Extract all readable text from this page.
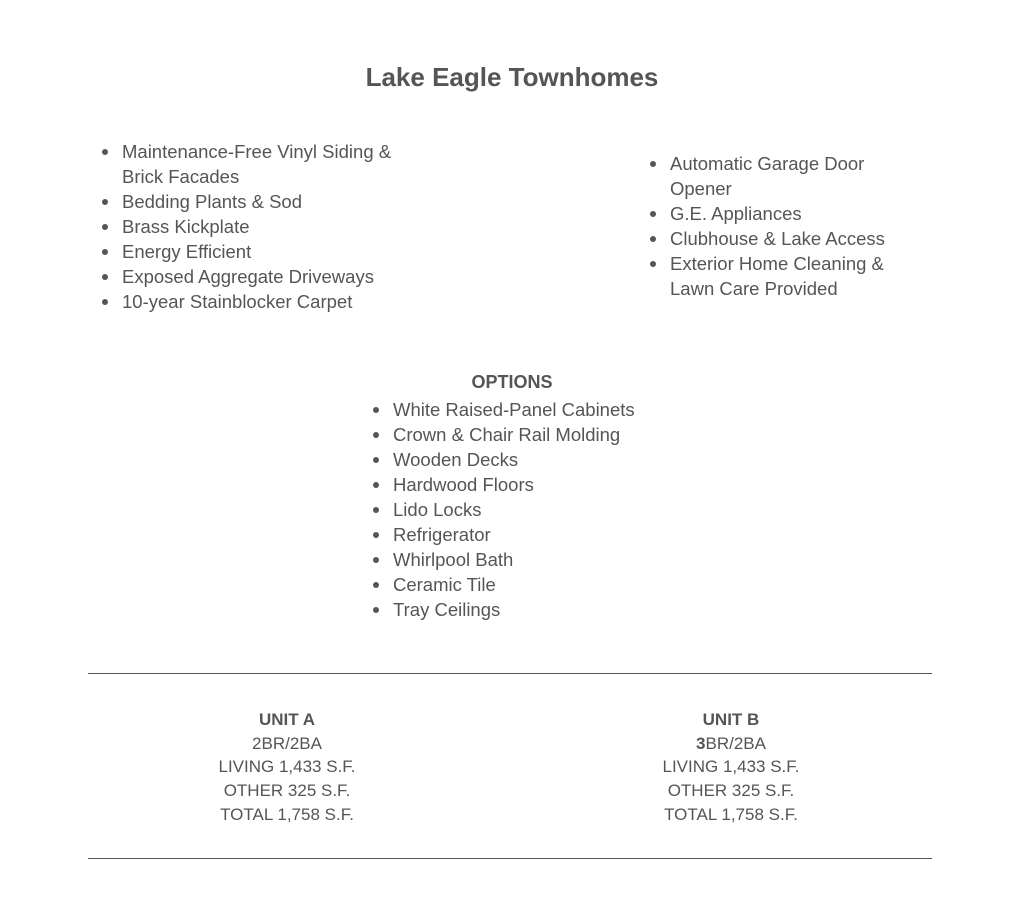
Lake Eagle Townhomes
Maintenance-Free Vinyl Siding & Brick Facades
Bedding Plants & Sod
Brass Kickplate
Energy Efficient
Exposed Aggregate Driveways
10-year Stainblocker Carpet
Automatic Garage Door Opener
G.E. Appliances
Clubhouse & Lake Access
Exterior Home Cleaning & Lawn Care Provided
OPTIONS
White Raised-Panel Cabinets
Crown & Chair Rail Molding
Wooden Decks
Hardwood Floors
Lido Locks
Refrigerator
Whirlpool Bath
Ceramic Tile
Tray Ceilings
UNIT A
2BR/2BA
LIVING 1,433 S.F.
OTHER 325 S.F.
TOTAL 1,758 S.F.
UNIT B
3BR/2BA
LIVING 1,433 S.F.
OTHER 325 S.F.
TOTAL 1,758 S.F.
